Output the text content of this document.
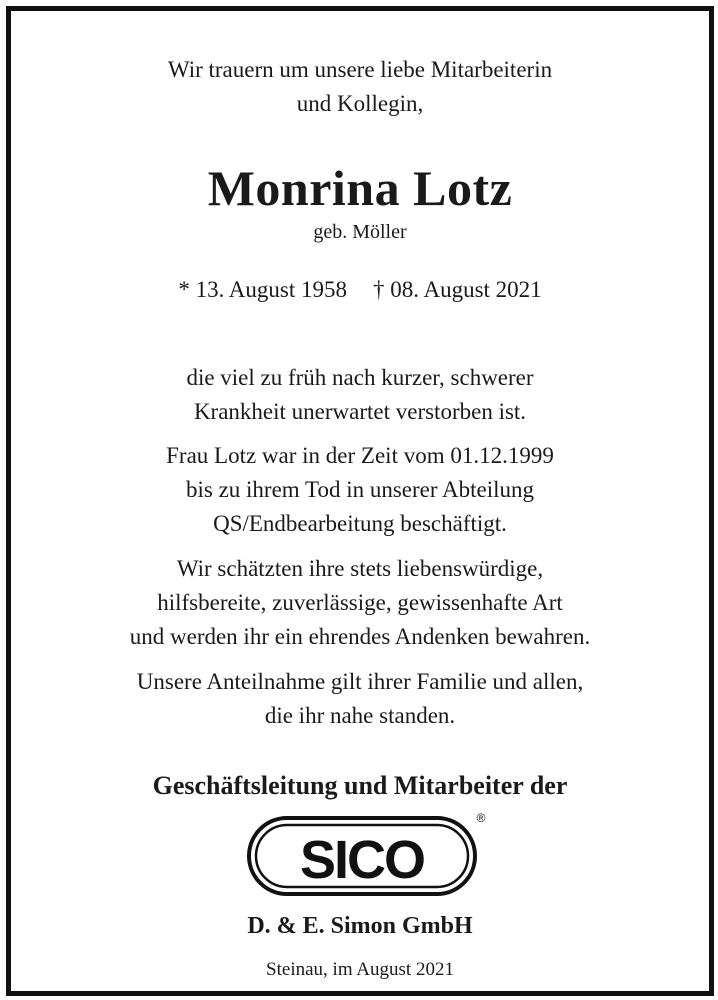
Wir trauern um unsere liebe Mitarbeiterin
und Kollegin,
Monrina Lotz
geb. Möller
* 13. August 1958 † 08. August 2021
die viel zu früh nach kurzer, schwerer
Krankheit unerwartet verstorben ist.
Frau Lotz war in der Zeit vom 01.12.1999
bis zu ihrem Tod in unserer Abteilung
QS/Endbearbeitung beschäftigt.
Wir schätzten ihre stets liebenswürdige,
hilfsbereite, zuverlässige, gewissenhafte Art
und werden ihr ein ehrendes Andenken bewahren.
Unsere Anteilnahme gilt ihrer Familie und allen,
die ihr nahe standen.
Geschäftsleitung und Mitarbeiter der
SICO
®
D. & E. Simon GmbH
Steinau, im August 2021
